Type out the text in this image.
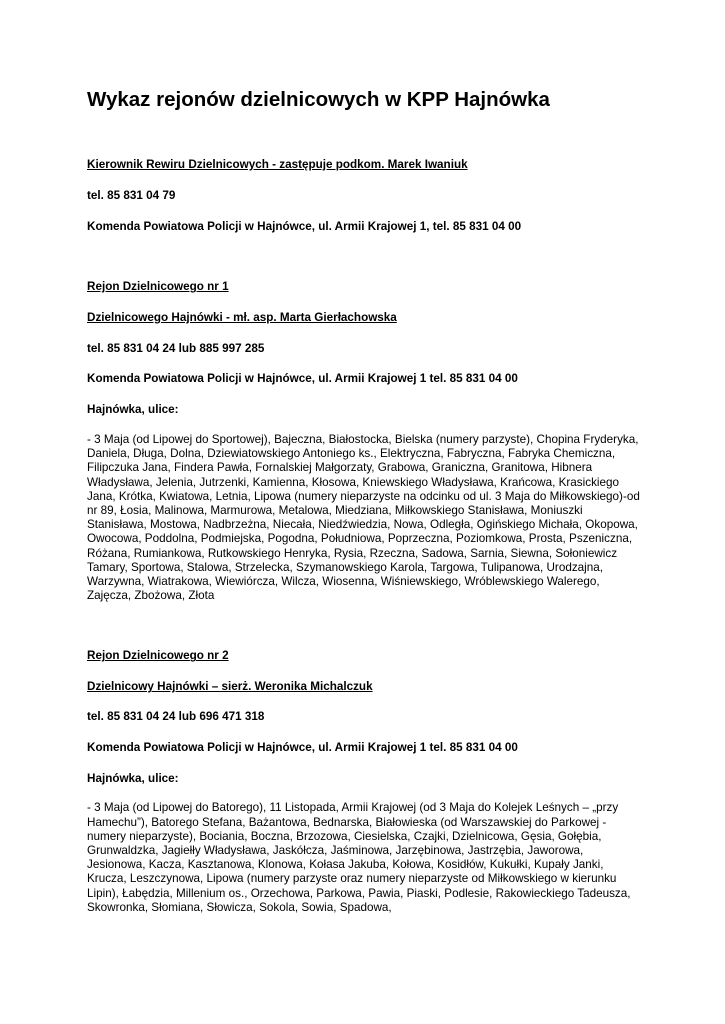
Wykaz rejonów dzielnicowych w KPP Hajnówka
Kierownik Rewiru Dzielnicowych - zastępuje podkom. Marek Iwaniuk
tel. 85 831 04 79
Komenda Powiatowa Policji w Hajnówce, ul. Armii Krajowej 1, tel. 85 831 04 00
Rejon Dzielnicowego nr 1
Dzielnicowego Hajnówki - mł. asp. Marta Gierłachowska
tel. 85 831 04 24 lub 885 997 285
Komenda Powiatowa Policji w Hajnówce, ul. Armii Krajowej 1 tel. 85 831 04 00
Hajnówka, ulice:
- 3 Maja (od Lipowej do Sportowej), Bajeczna, Białostocka, Bielska (numery parzyste), Chopina Fryderyka, Daniela, Długa, Dolna, Dziewiatowskiego Antoniego ks., Elektryczna, Fabryczna, Fabryka Chemiczna, Filipczuka Jana, Findera Pawła, Fornalskiej Małgorzaty, Grabowa, Graniczna, Granitowa, Hibnera Władysława, Jelenia, Jutrzenki, Kamienna, Kłosowa, Kniewskiego Władysława, Krańcowa, Krasickiego Jana, Krótka, Kwiatowa, Letnia, Lipowa (numery nieparzyste na odcinku od ul. 3 Maja do Miłkowskiego)-od nr 89, Łosia, Malinowa, Marmurowa, Metalowa, Miedziana, Miłkowskiego Stanisława, Moniuszki Stanisława, Mostowa, Nadbrzeżna, Niecała, Niedźwiedzia, Nowa, Odległa, Ogińskiego Michała, Okopowa, Owocowa, Poddolna, Podmiejska, Pogodna, Południowa, Poprzeczna, Poziomkowa, Prosta, Pszeniczna, Różana, Rumiankowa, Rutkowskiego Henryka, Rysia, Rzeczna, Sadowa, Sarnia, Siewna, Sołoniewicz Tamary, Sportowa, Stalowa, Strzelecka, Szymanowskiego Karola, Targowa, Tulipanowa, Urodzajna, Warzywna, Wiatrakowa, Wiewiórcza, Wilcza, Wiosenna, Wiśniewskiego, Wróblewskiego Walerego, Zajęcza, Zbożowa, Złota
Rejon Dzielnicowego nr 2
Dzielnicowy Hajnówki – sierż. Weronika Michalczuk
tel. 85 831 04 24 lub 696 471 318
Komenda Powiatowa Policji w Hajnówce, ul. Armii Krajowej 1 tel. 85 831 04 00
Hajnówka, ulice:
- 3 Maja (od Lipowej do Batorego), 11 Listopada, Armii Krajowej (od 3 Maja do Kolejek Leśnych – „przy Hamechu”), Batorego Stefana, Bażantowa, Bednarska, Białowieska (od Warszawskiej do Parkowej - numery nieparzyste), Bociania, Boczna, Brzozowa, Ciesielska, Czajki, Dzielnicowa, Gęsia, Gołębia, Grunwaldzka, Jagiełły Władysława, Jaskółcza, Jaśminowa, Jarzębinowa, Jastrzębia, Jaworowa, Jesionowa, Kacza, Kasztanowa, Klonowa, Kołasa Jakuba, Kołowa, Kosidłów, Kukułki, Kupały Janki, Krucza, Leszczynowa, Lipowa (numery parzyste oraz numery nieparzyste od Miłkowskiego w kierunku Lipin), Łabędzia, Millenium os., Orzechowa, Parkowa, Pawia, Piaski, Podlesie, Rakowieckiego Tadeusza, Skowronka, Słomiana, Słowicza, Sokola, Sowia, Spadowa,
